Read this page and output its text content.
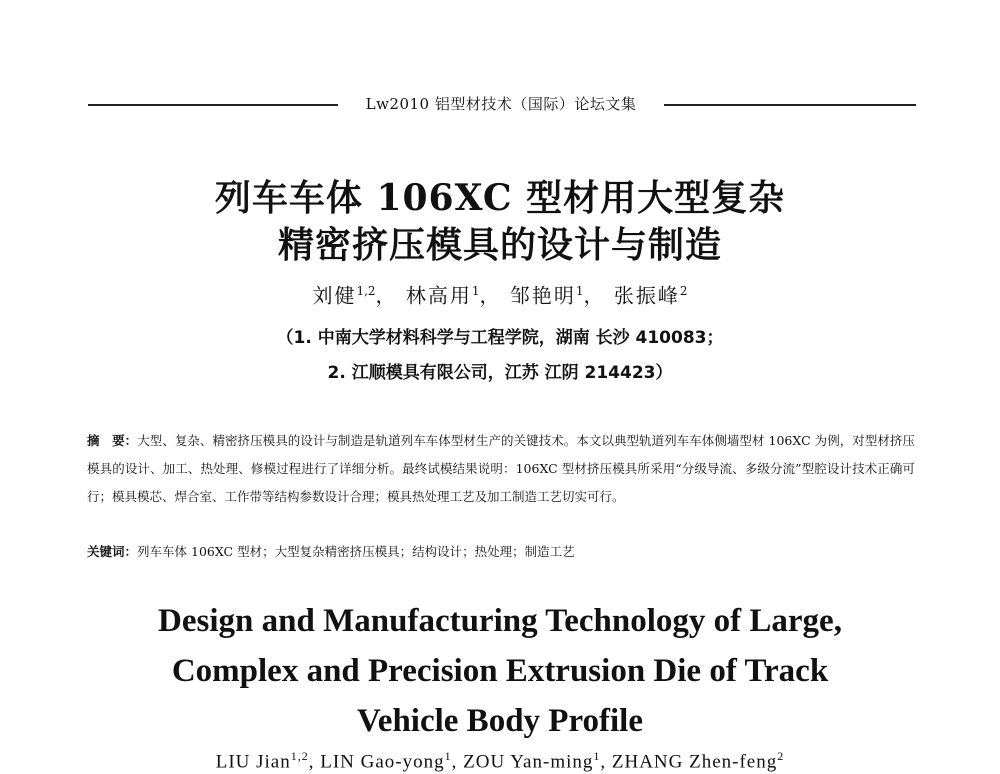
Lw2010 铝型材技术（国际）论坛文集
列车车体 106XC 型材用大型复杂
精密挤压模具的设计与制造
刘健$^{1,2}$， 林高用$^1$， 邹艳明$^1$， 张振峰$^2$
（1. 中南大学材料科学与工程学院，湖南 长沙 410083；
2. 江顺模具有限公司，江苏 江阴 214423）
摘　要：大型、复杂、精密挤压模具的设计与制造是轨道列车车体型材生产的关键技术。本文以典型轨道列车车体侧墙型材 106XC 为例，对型材挤压模具的设计、加工、热处理、修模过程进行了详细分析。最终试模结果说明：106XC 型材挤压模具所采用“分级导流、多级分流”型腔设计技术正确可行；模具模芯、焊合室、工作带等结构参数设计合理；模具热处理工艺及加工制造工艺切实可行。
关键词：列车车体 106XC 型材；大型复杂精密挤压模具；结构设计；热处理；制造工艺
Design and Manufacturing Technology of Large,
Complex and Precision Extrusion Die of Track
Vehicle Body Profile
LIU Jian$^{1,2}$, LIN Gao-yong$^1$, ZOU Yan-ming$^1$, ZHANG Zhen-feng$^2$
